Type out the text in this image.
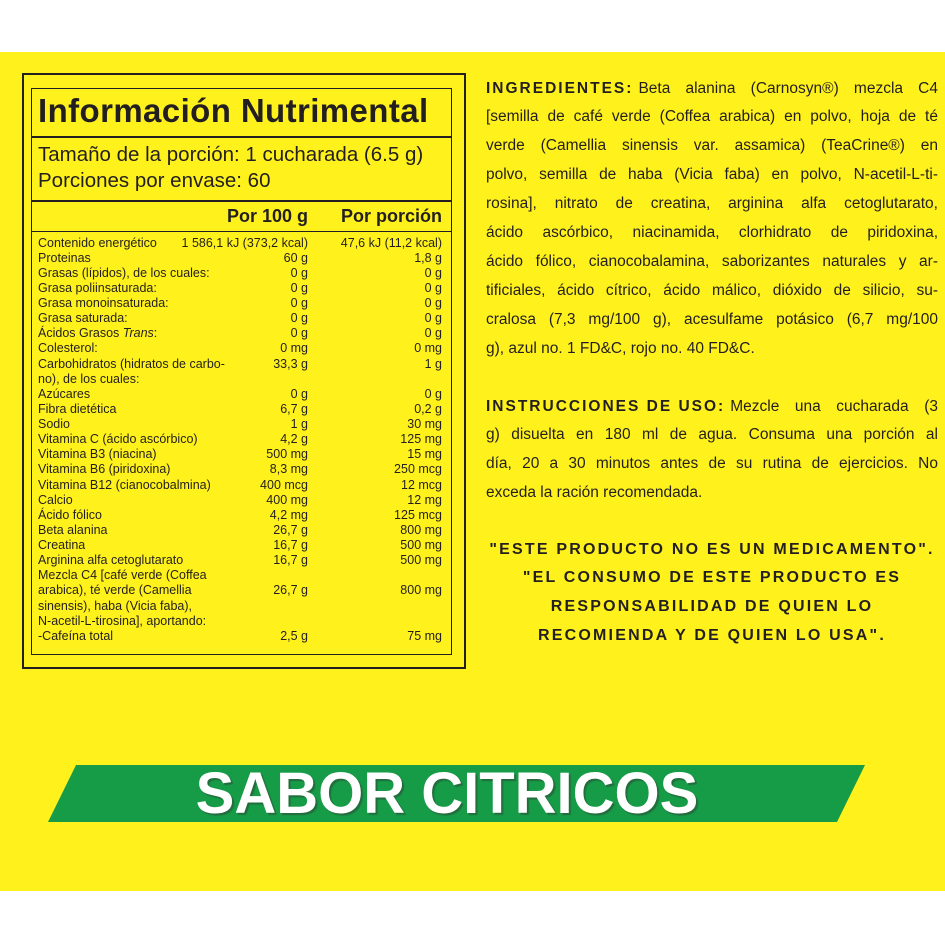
Información Nutrimental
Tamaño de la porción: 1 cucharada (6.5 g)
Porciones por envase: 60
Por 100 g	Por porción
Contenido energético	1 586,1 kJ (373,2 kcal)	47,6 kJ (11,2 kcal)
Proteinas	60 g	1,8 g
Grasas (lípidos), de los cuales:	0 g	0 g
Grasa poliinsaturada:	0 g	0 g
Grasa monoinsaturada:	0 g	0 g
Grasa saturada:	0 g	0 g
Ácidos Grasos Trans:	0 g	0 g
Colesterol:	0 mg	0 mg
Carbohidratos (hidratos de carbo-
no), de los cuales:
33,3 g	1 g
Azúcares	0 g	0 g
Fibra dietética	6,7 g	0,2 g
Sodio	1 g	30 mg
Vitamina C (ácido ascórbico)	4,2 g	125 mg
Vitamina B3 (niacina)	500 mg	15 mg
Vitamina B6 (piridoxina)	8,3 mg	250 mcg
Vitamina B12 (cianocobalmina)	400 mcg	12 mcg
Calcio	400 mg	12 mg
Ácido fólico	4,2 mg	125 mcg
Beta alanina	26,7 g	800 mg
Creatina	16,7 g	500 mg
Arginina alfa cetoglutarato	16,7 g	500 mg
Mezcla C4 [café verde (Coffea
arabica), té verde (Camellia
sinensis), haba (Vicia faba),
N-acetil-L-tirosina], aportando:
26,7 g	800 mg
-Cafeína total	2,5 g	75 mg
INGREDIENTES: Beta alanina (Carnosyn®) mezcla C4
[semilla de café verde (Coffea arabica) en polvo, hoja de té
verde (Camellia sinensis var. assamica) (TeaCrine®) en
polvo, semilla de haba (Vicia faba) en polvo, N-acetil-L-ti-
rosina], nitrato de creatina, arginina alfa cetoglutarato,
ácido ascórbico, niacinamida, clorhidrato de piridoxina,
ácido fólico, cianocobalamina, saborizantes naturales y ar-
tificiales, ácido cítrico, ácido málico, dióxido de silicio, su-
cralosa (7,3 mg/100 g), acesulfame potásico (6,7 mg/100
g), azul no. 1 FD&C, rojo no. 40 FD&C.
INSTRUCCIONES DE USO: Mezcle una cucharada (3
g) disuelta en 180 ml de agua. Consuma una porción al
día, 20 a 30 minutos antes de su rutina de ejercicios. No
exceda la ración recomendada.
"ESTE PRODUCTO NO ES UN MEDICAMENTO".
"EL CONSUMO DE ESTE PRODUCTO ES
RESPONSABILIDAD DE QUIEN LO
RECOMIENDA Y DE QUIEN LO USA".
SABOR CITRICOS
